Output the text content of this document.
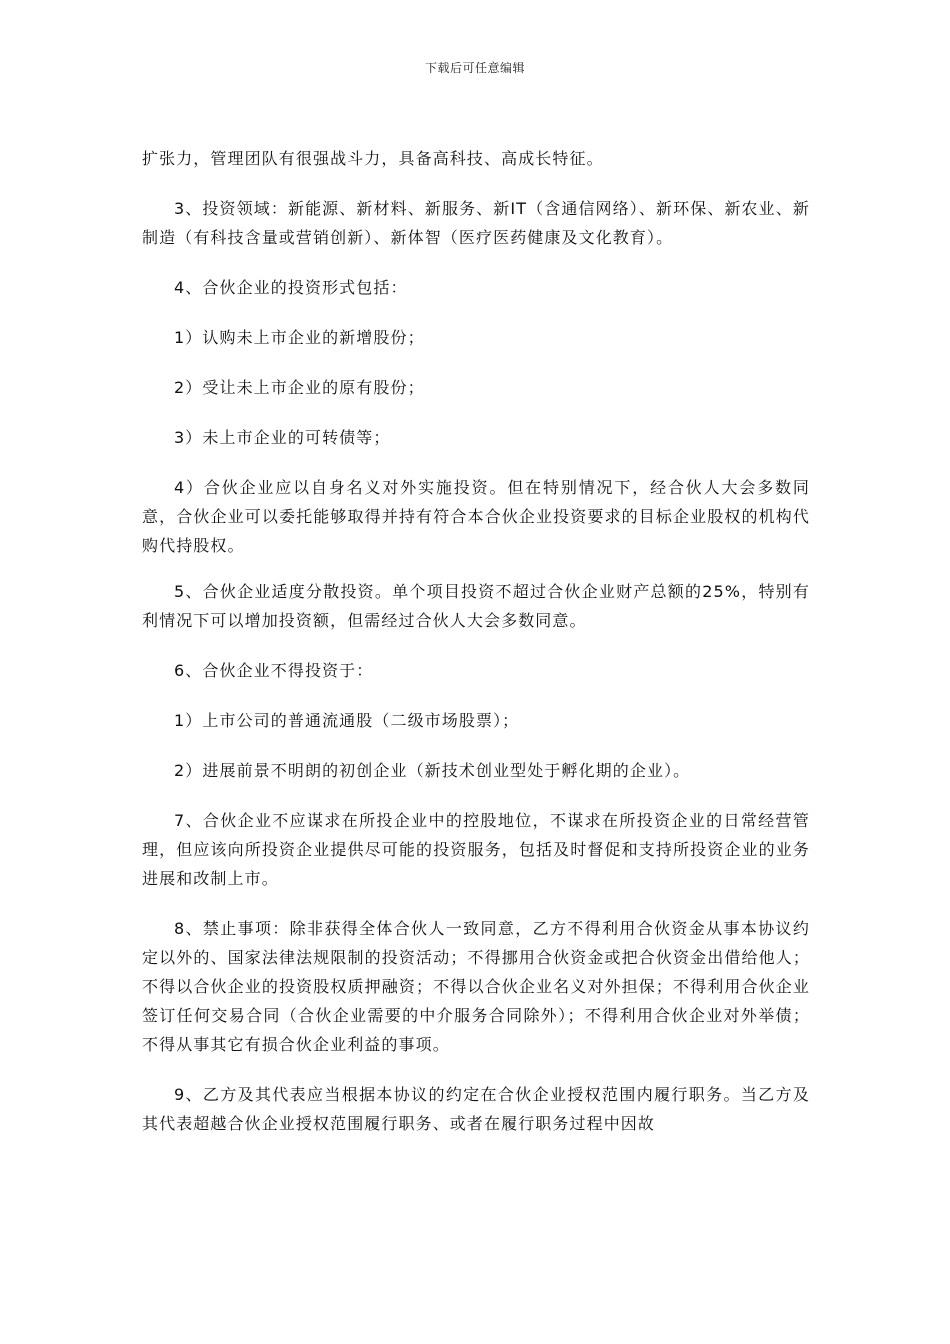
下载后可任意编辑

扩张力，管理团队有很强战斗力，具备高科技、高成长特征。

3、投资领域：新能源、新材料、新服务、新IT（含通信网络）、新环保、新农业、新制造（有科技含量或营销创新）、新体智（医疗医药健康及文化教育）。

4、合伙企业的投资形式包括：

1）认购未上市企业的新增股份；

2）受让未上市企业的原有股份；

3）未上市企业的可转债等；

4）合伙企业应以自身名义对外实施投资。但在特别情况下，经合伙人大会多数同意，合伙企业可以委托能够取得并持有符合本合伙企业投资要求的目标企业股权的机构代购代持股权。

5、合伙企业适度分散投资。单个项目投资不超过合伙企业财产总额的25%，特别有利情况下可以增加投资额，但需经过合伙人大会多数同意。

6、合伙企业不得投资于：

1）上市公司的普通流通股（二级市场股票）；

2）进展前景不明朗的初创企业（新技术创业型处于孵化期的企业）。

7、合伙企业不应谋求在所投企业中的控股地位，不谋求在所投资企业的日常经营管理，但应该向所投资企业提供尽可能的投资服务，包括及时督促和支持所投资企业的业务进展和改制上市。

8、禁止事项：除非获得全体合伙人一致同意，乙方不得利用合伙资金从事本协议约定以外的、国家法律法规限制的投资活动；不得挪用合伙资金或把合伙资金出借给他人；不得以合伙企业的投资股权质押融资；不得以合伙企业名义对外担保；不得利用合伙企业签订任何交易合同（合伙企业需要的中介服务合同除外）；不得利用合伙企业对外举债；不得从事其它有损合伙企业利益的事项。

9、乙方及其代表应当根据本协议的约定在合伙企业授权范围内履行职务。当乙方及其代表超越合伙企业授权范围履行职务、或者在履行职务过程中因故
